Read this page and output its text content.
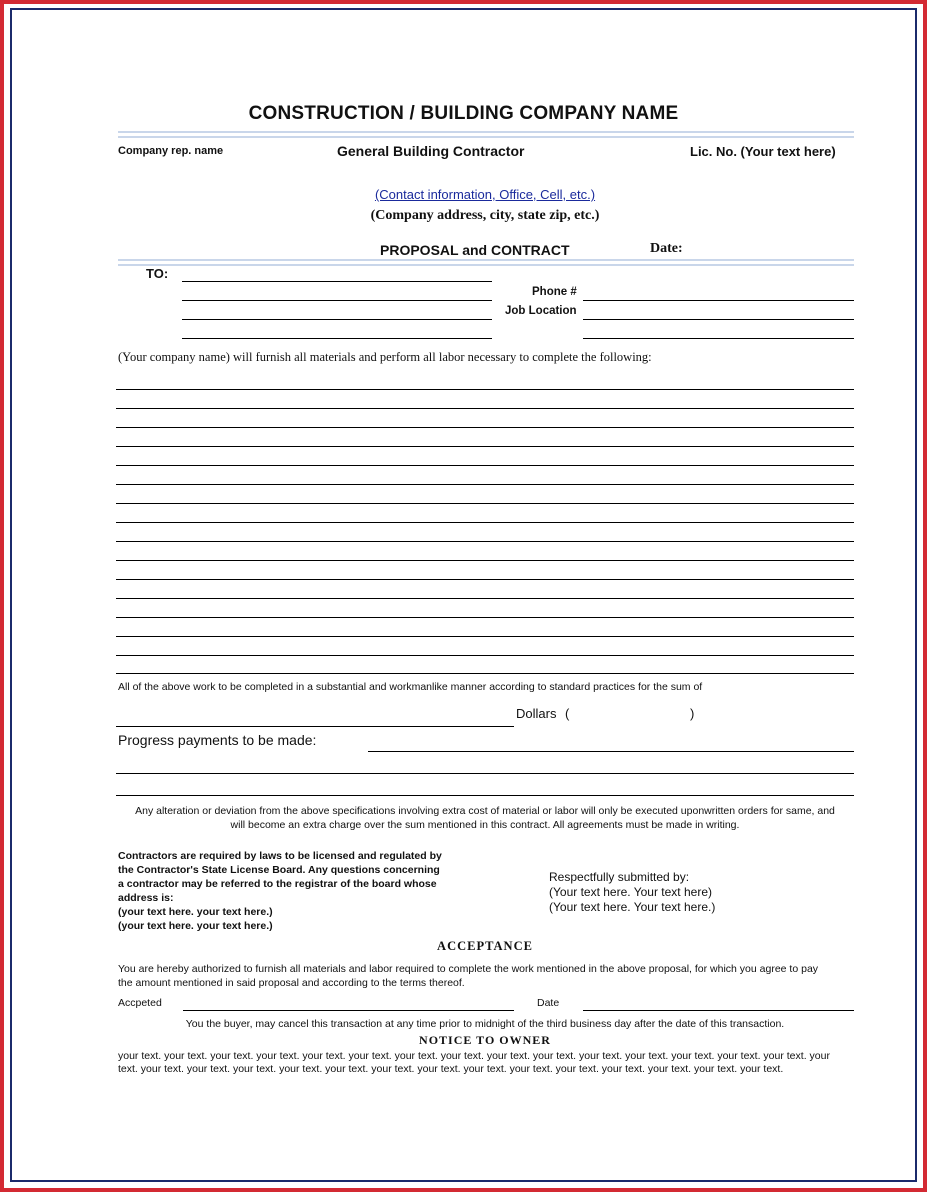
CONSTRUCTION / BUILDING COMPANY NAME
Company rep. name	General Building Contractor	Lic. No. (Your text here)
(Contact information, Office, Cell, etc.)
(Company address, city, state zip, etc.)
PROPOSAL and CONTRACT	Date:
TO:
Phone #
Job Location
(Your company name) will furnish all materials and perform all labor necessary to complete the following:
All of the above work to be completed in a substantial and workmanlike manner according to standard practices for the sum of
Dollars (	)
Progress payments to be made:
Any alteration or deviation from the above specifications involving extra cost of material or labor will only be executed uponwritten orders for same, and
will become an extra charge over the sum mentioned in this contract. All agreements must be made in writing.
Contractors are required by laws to be licensed and regulated by
the Contractor's State License Board. Any questions concerning
a contractor may be referred to the registrar of the board whose
address is:
(your text here. your text here.)
(your text here. your text here.)
Respectfully submitted by:
(Your text here. Your text here)
(Your text here. Your text here.)
ACCEPTANCE
You are hereby authorized to furnish all materials and labor required to complete the work mentioned in the above proposal, for which you agree to pay
the amount mentioned in said proposal and according to the terms thereof.
Accpeted	Date
You the buyer, may cancel this transaction at any time prior to midnight of the third business day after the date of this transaction.
NOTICE TO OWNER
your text. your text. your text. your text. your text. your text. your text. your text. your text. your text. your text. your text. your text. your text. your text. your
text. your text. your text. your text. your text. your text. your text. your text. your text. your text. your text. your text. your text. your text. your text.
